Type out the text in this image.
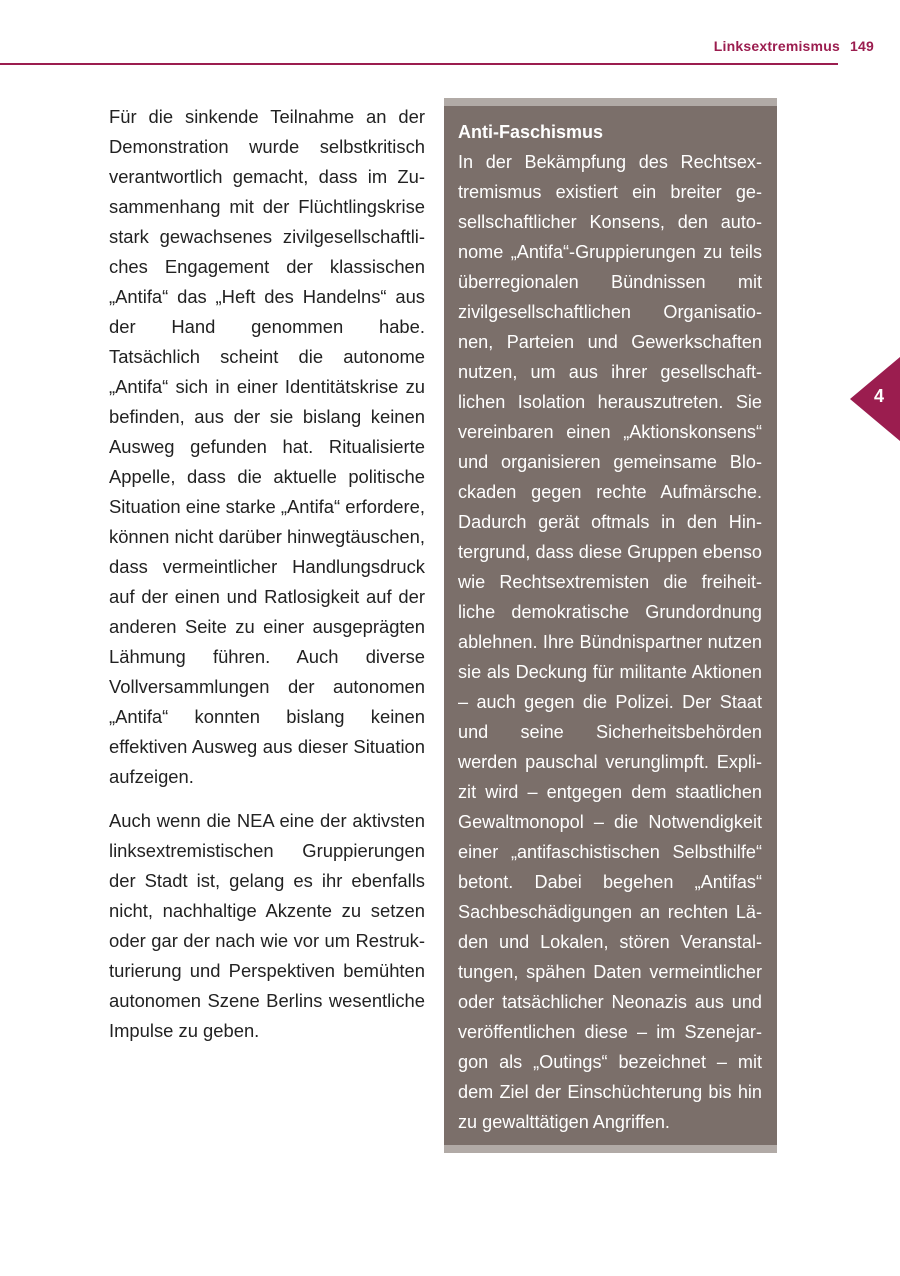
Linksextremismus 149

Für die sinkende Teilnahme an der Demonstration wurde selbstkritisch verantwortlich gemacht, dass im Zusammenhang mit der Flüchtlingskrise stark gewachsenes zivilgesellschaftliches Engagement der klassischen „Antifa“ das „Heft des Handelns“ aus der Hand genommen habe. Tatsächlich scheint die autonome „Antifa“ sich in einer Identitätskrise zu befinden, aus der sie bislang keinen Ausweg gefunden hat. Ritualisierte Appelle, dass die aktuelle politische Situation eine starke „Antifa“ erfordere, können nicht darüber hinwegtäuschen, dass vermeintlicher Handlungsdruck auf der einen und Ratlosigkeit auf der anderen Seite zu einer ausgeprägten Lähmung führen. Auch diverse Vollversammlungen der autonomen „Antifa“ konnten bislang keinen effektiven Ausweg aus dieser Situation aufzeigen.

Auch wenn die NEA eine der aktivsten linksextremistischen Gruppierungen der Stadt ist, gelang es ihr ebenfalls nicht, nachhaltige Akzente zu setzen oder gar der nach wie vor um Restrukturierung und Perspektiven bemühten autonomen Szene Berlins wesentliche Impulse zu geben.

Anti-Faschismus

In der Bekämpfung des Rechtsextremismus existiert ein breiter gesellschaftlicher Konsens, den autonome „Antifa“-Gruppierungen zu teils überregionalen Bündnissen mit zivilgesellschaftlichen Organisationen, Parteien und Gewerkschaften nutzen, um aus ihrer gesellschaftlichen Isolation herauszutreten. Sie vereinbaren einen „Aktionskonsens“ und organisieren gemeinsame Blockaden gegen rechte Aufmärsche. Dadurch gerät oftmals in den Hintergrund, dass diese Gruppen ebenso wie Rechtsextremisten die freiheitliche demokratische Grundordnung ablehnen. Ihre Bündnispartner nutzen sie als Deckung für militante Aktionen – auch gegen die Polizei. Der Staat und seine Sicherheitsbehörden werden pauschal verunglimpft. Explizit wird – entgegen dem staatlichen Gewaltmonopol – die Notwendigkeit einer „antifaschistischen Selbsthilfe“ betont. Dabei begehen „Antifas“ Sachbeschädigungen an rechten Läden und Lokalen, stören Veranstaltungen, spähen Daten vermeintlicher oder tatsächlicher Neonazis aus und veröffentlichen diese – im Szenejargon als „Outings“ bezeichnet – mit dem Ziel der Einschüchterung bis hin zu gewalttätigen Angriffen.

4
